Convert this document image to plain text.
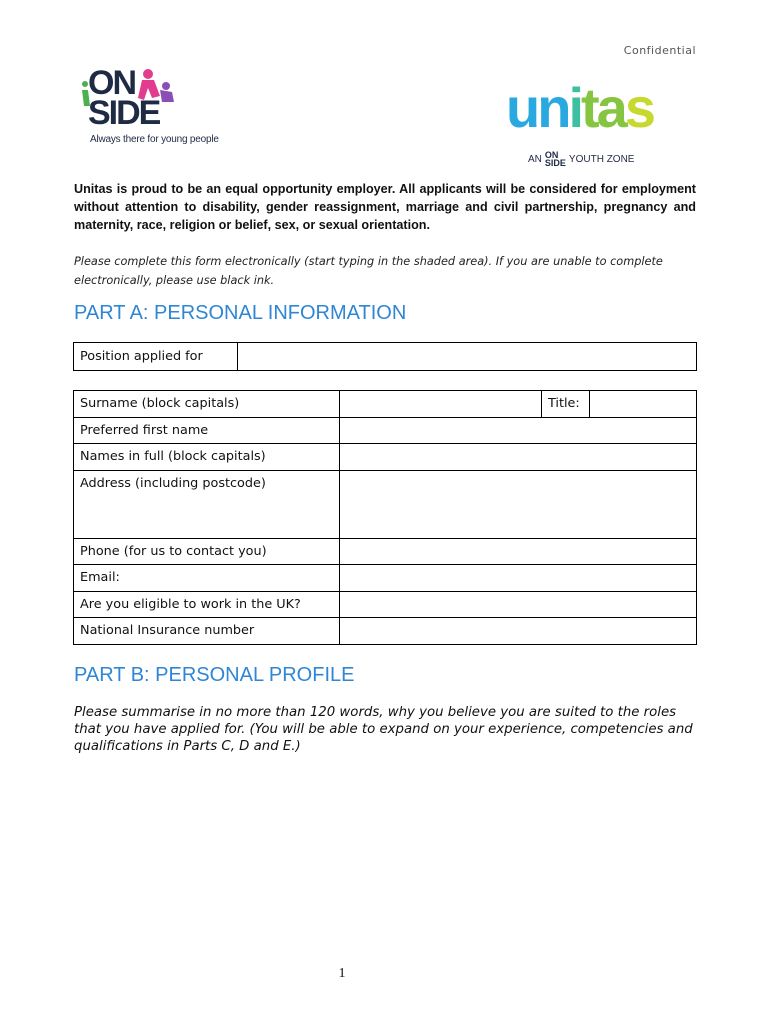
Confidential
ON
SIDE
Always there for young people
unitas
AN ON
SIDE YOUTH ZONE
Unitas is proud to be an equal opportunity employer. All applicants will be considered for employment without attention to disability, gender reassignment, marriage and civil partnership, pregnancy and maternity, race, religion or belief, sex, or sexual orientation.
Please complete this form electronically (start typing in the shaded area). If you are unable to complete electronically, please use black ink.
PART A: PERSONAL INFORMATION
Position applied for	
Surname (block capitals)		Title:	
Preferred first name			
Names in full (block capitals)			
Address (including postcode)			
Phone (for us to contact you)			
Email:			
Are you eligible to work in the UK?			
National Insurance number			
PART B: PERSONAL PROFILE
Please summarise in no more than 120 words, why you believe you are suited to the roles that you have applied for. (You will be able to expand on your experience, competencies and qualifications in Parts C, D and E.)
1
